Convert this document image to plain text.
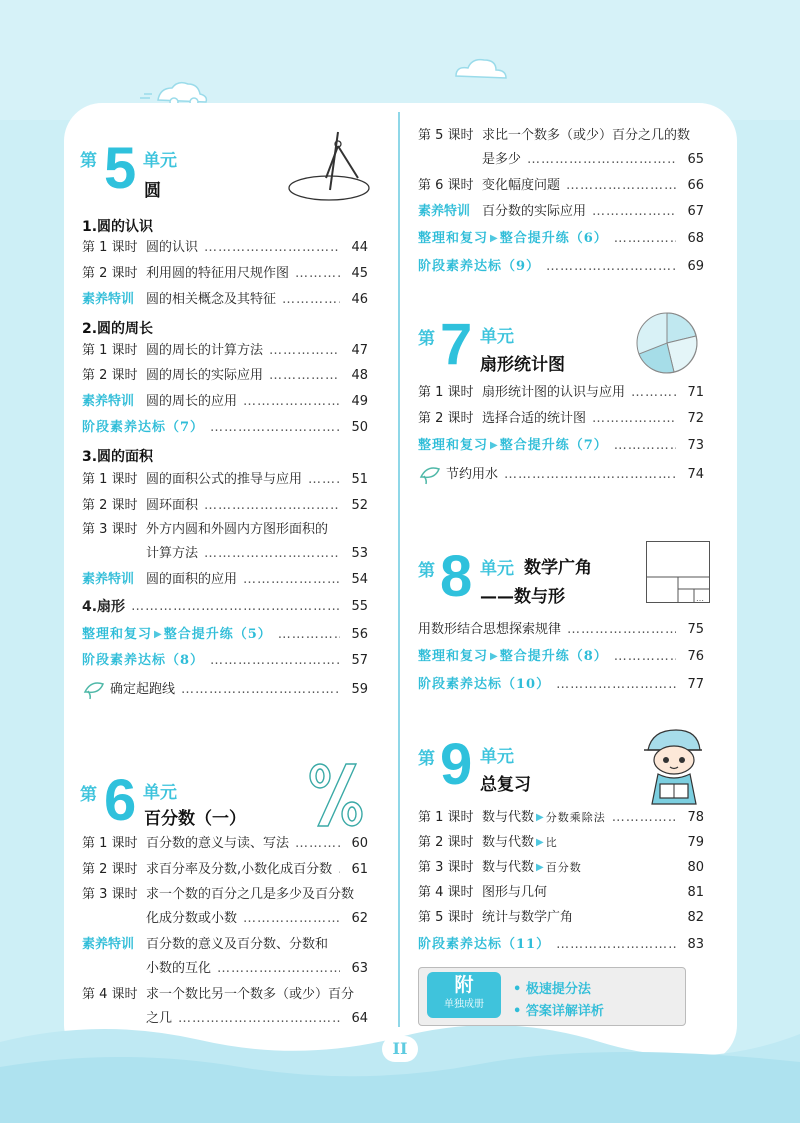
II
第 5 单元
圆
1.圆的认识
第 1 课时 圆的认识 …………………………………………………………………………………………………………………………………	44
第 2 课时 利用圆的特征用尺规作图 …………………………………………………………………………………………………………………………………	45
素养特训 圆的相关概念及其特征 …………………………………………………………………………………………………………………………………	46
2.圆的周长
第 1 课时 圆的周长的计算方法 …………………………………………………………………………………………………………………………………	47
第 2 课时 圆的周长的实际应用 …………………………………………………………………………………………………………………………………	48
素养特训 圆的周长的应用 …………………………………………………………………………………………………………………………………	49
阶段素养达标（7） …………………………………………………………………………………………………………………………………	50
3.圆的面积
第 1 课时 圆的面积公式的推导与应用 …………………………………………………………………………………………………………………………………	51
第 2 课时 圆环面积 …………………………………………………………………………………………………………………………………	52
第 3 课时 外方内圆和外圆内方图形面积的
计算方法 …………………………………………………………………………………………………………………………………	53
素养特训 圆的面积的应用 …………………………………………………………………………………………………………………………………	54
4.扇形 …………………………………………………………………………………………………………………………………	55
整理和复习 ▶ 整合提升练（5） …………………………………………………………………………………………………………………………………	56
阶段素养达标（8） …………………………………………………………………………………………………………………………………	57
确定起跑线 …………………………………………………………………………………………………………………………………	59
第 6 单元
百分数（一）
第 1 课时 百分数的意义与读、写法 …………………………………………………………………………………………………………………………………	60
第 2 课时 求百分率及分数,小数化成百分数 …………………………………………………………………………………………………………………………………	61
第 3 课时 求一个数的百分之几是多少及百分数
化成分数或小数 …………………………………………………………………………………………………………………………………	62
素养特训 百分数的意义及百分数、分数和
小数的互化 …………………………………………………………………………………………………………………………………	63
第 4 课时 求一个数比另一个数多（或少）百分
之几 …………………………………………………………………………………………………………………………………	64
第 5 课时 求比一个数多（或少）百分之几的数
是多少 …………………………………………………………………………………………………………………………………	65
第 6 课时 变化幅度问题 …………………………………………………………………………………………………………………………………	66
素养特训 百分数的实际应用 …………………………………………………………………………………………………………………………………	67
整理和复习 ▶ 整合提升练（6） …………………………………………………………………………………………………………………………………	68
阶段素养达标（9） …………………………………………………………………………………………………………………………………	69
第 7 单元
扇形统计图
第 1 课时 扇形统计图的认识与应用 …………………………………………………………………………………………………………………………………	71
第 2 课时 选择合适的统计图 …………………………………………………………………………………………………………………………………	72
整理和复习 ▶ 整合提升练（7） …………………………………………………………………………………………………………………………………	73
节约用水 …………………………………………………………………………………………………………………………………	74
第 8 单元 数学广角
——数与形	…
用数形结合思想探索规律 …………………………………………………………………………………………………………………………………	75
整理和复习 ▶ 整合提升练（8） …………………………………………………………………………………………………………………………………	76
阶段素养达标（10） …………………………………………………………………………………………………………………………………	77
第 9 单元
总复习
第 1 课时 数与代数 ▶ 分数乘除法 …………………………………………………………………………………………………………………………………	78
第 2 课时 数与代数 ▶ 比	79
第 3 课时 数与代数 ▶ 百分数	80
第 4 课时 图形与几何	81
第 5 课时 统计与数学广角	82
阶段素养达标（11） …………………………………………………………………………………………………………………………………	83
附
单独成册
• 极速提分法
• 答案详解详析
